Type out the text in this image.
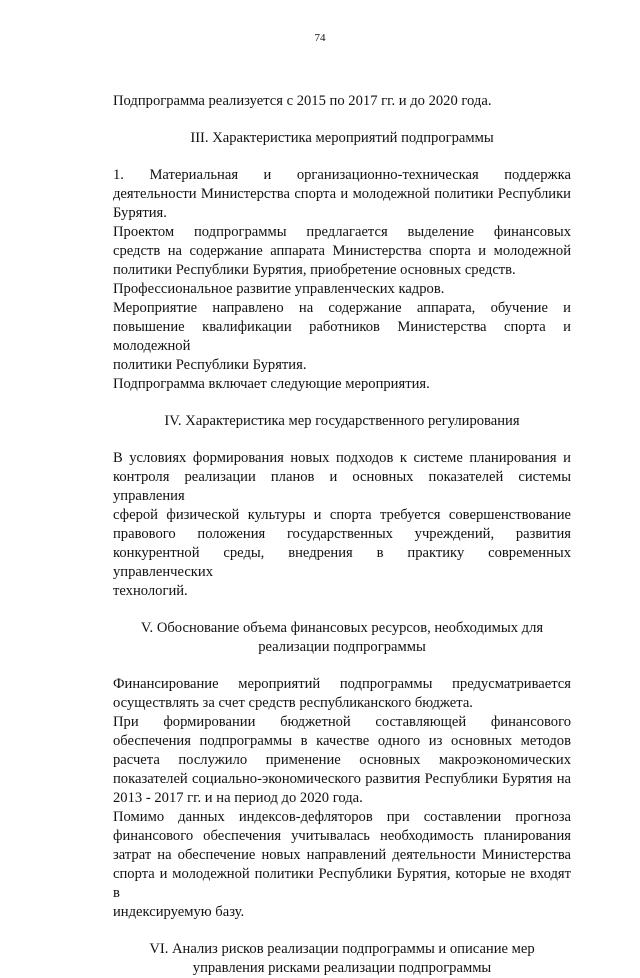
74

Подпрограмма реализуется с 2015 по 2017 гг. и до 2020 года.

III. Характеристика мероприятий подпрограммы

1. Материальная и организационно-техническая поддержка
деятельности Министерства спорта и молодежной политики Республики
Бурятия.
Проектом подпрограммы предлагается выделение финансовых
средств на содержание аппарата Министерства спорта и молодежной
политики Республики Бурятия, приобретение основных средств.
Профессиональное развитие управленческих кадров.
Мероприятие направлено на содержание аппарата, обучение и
повышение квалификации работников Министерства спорта и молодежной
политики Республики Бурятия.
Подпрограмма включает следующие мероприятия.

IV. Характеристика мер государственного регулирования

В условиях формирования новых подходов к системе планирования и
контроля реализации планов и основных показателей системы управления
сферой физической культуры и спорта требуется совершенствование
правового положения государственных учреждений, развития
конкурентной среды, внедрения в практику современных управленческих
технологий.
V. Обоснование объема финансовых ресурсов, необходимых для
реализации подпрограммы
Финансирование мероприятий подпрограммы предусматривается
осуществлять за счет средств республиканского бюджета.
При формировании бюджетной составляющей финансового
обеспечения подпрограммы в качестве одного из основных методов
расчета послужило применение основных макроэкономических
показателей социально-экономического развития Республики Бурятия на
2013 - 2017 гг. и на период до 2020 года.
Помимо данных индексов-дефляторов при составлении прогноза
финансового обеспечения учитывалась необходимость планирования
затрат на обеспечение новых направлений деятельности Министерства
спорта и молодежной политики Республики Бурятия, которые не входят в
индексируемую базу.
VI. Анализ рисков реализации подпрограммы и описание мер
управления рисками реализации подпрограммы
